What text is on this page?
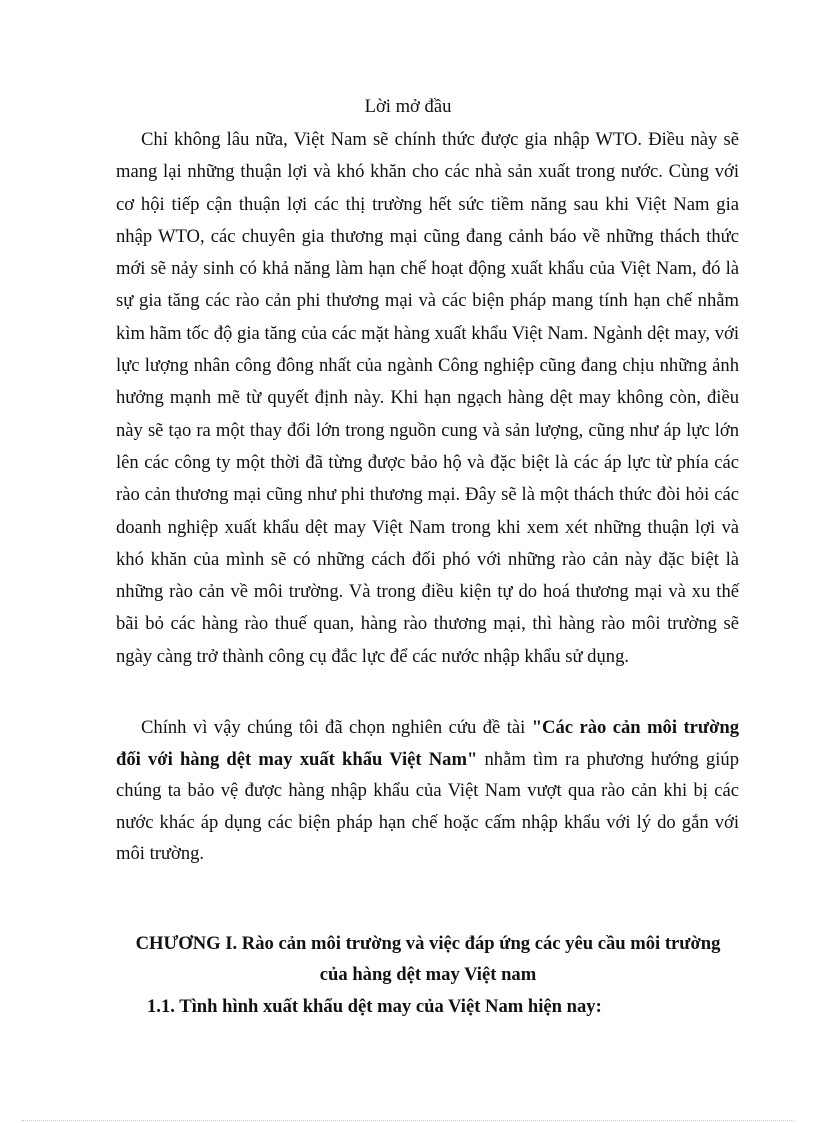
Lời mở đầu

Chỉ không lâu nữa, Việt Nam sẽ chính thức được gia nhập WTO. Điều này sẽ mang lại những thuận lợi và khó khăn cho các nhà sản xuất trong nước. Cùng với cơ hội tiếp cận thuận lợi các thị trường hết sức tiềm năng sau khi Việt Nam gia nhập WTO, các chuyên gia thương mại cũng đang cảnh báo về những thách thức mới sẽ nảy sinh có khả năng làm hạn chế hoạt động xuất khẩu của Việt Nam, đó là sự gia tăng các rào cản phi thương mại và các biện pháp mang tính hạn chế nhằm kìm hãm tốc độ gia tăng của các mặt hàng xuất khẩu Việt Nam. Ngành dệt may, với lực lượng nhân công đông nhất của ngành Công nghiệp cũng đang chịu những ảnh hưởng mạnh mẽ từ quyết định này. Khi hạn ngạch hàng dệt may không còn, điều này sẽ tạo ra một thay đổi lớn trong nguồn cung và sản lượng, cũng như áp lực lớn lên các công ty một thời đã từng được bảo hộ và đặc biệt là các áp lực từ phía các rào cản thương mại cũng như phi thương mại. Đây sẽ là một thách thức đòi hỏi các doanh nghiệp xuất khẩu dệt may Việt Nam trong khi xem xét những thuận lợi và khó khăn của mình sẽ có những cách đối phó với những rào cản này đặc biệt là những rào cản về môi trường. Và trong điều kiện tự do hoá thương mại và xu thế bãi bỏ các hàng rào thuế quan, hàng rào thương mại, thì hàng rào môi trường sẽ ngày càng trở thành công cụ đắc lực để các nước nhập khẩu sử dụng.

Chính vì vậy chúng tôi đã chọn nghiên cứu đề tài "Các rào cản môi trường đối với hàng dệt may xuất khẩu Việt Nam" nhằm tìm ra phương hướng giúp chúng ta bảo vệ được hàng nhập khẩu của Việt Nam vượt qua rào cản khi bị các nước khác áp dụng các biện pháp hạn chế hoặc cấm nhập khẩu với lý do gắn với môi trường.

CHƯƠNG I. Rào cản môi trường và việc đáp ứng các yêu cầu môi trường
của hàng dệt may Việt nam
1.1. Tình hình xuất khẩu dệt may của Việt Nam hiện nay:
